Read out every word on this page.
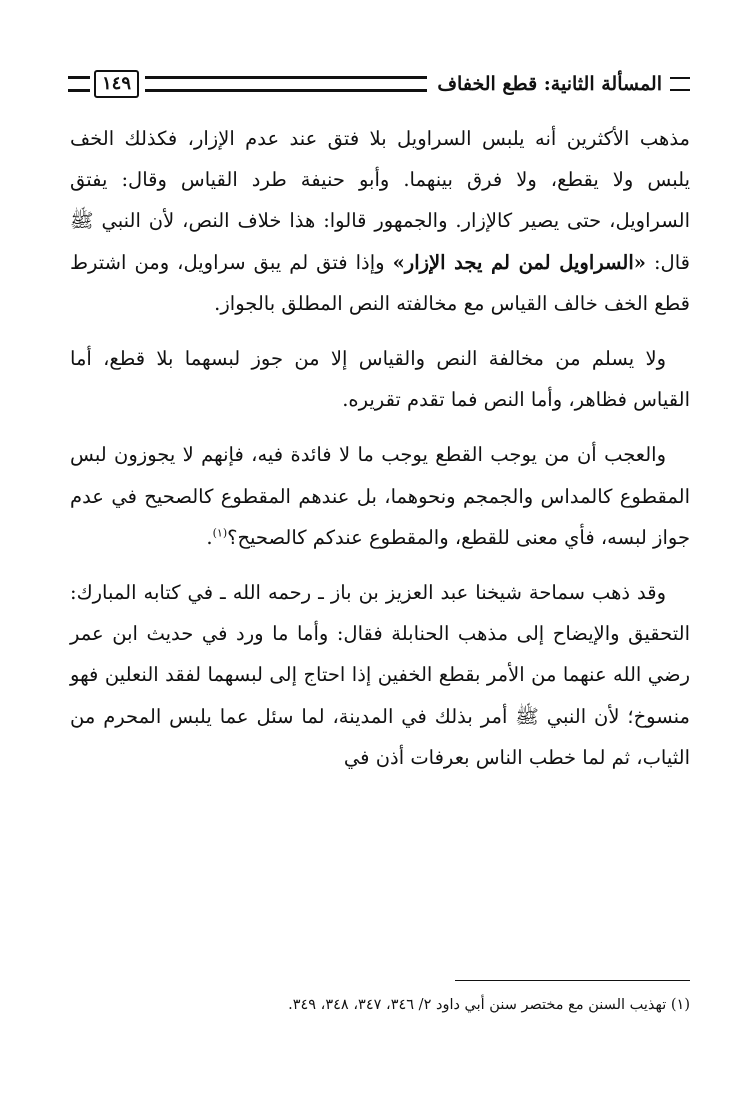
المسألة الثانية: قطع الخفاف
١٤٩

مذهب الأكثرين أنه يلبس السراويل بلا فتق عند عدم الإزار، فكذلك الخف يلبس ولا يقطع، ولا فرق بينهما. وأبو حنيفة طرد القياس وقال: يفتق السراويل، حتى يصير كالإزار. والجمهور قالوا: هذا خلاف النص، لأن النبي ﷺ قال: «السراويل لمن لم يجد الإزار» وإذا فتق لم يبق سراويل، ومن اشترط قطع الخف خالف القياس مع مخالفته النص المطلق بالجواز.

ولا يسلم من مخالفة النص والقياس إلا من جوز لبسهما بلا قطع، أما القياس فظاهر، وأما النص فما تقدم تقريره.

والعجب أن من يوجب القطع يوجب ما لا فائدة فيه، فإنهم لا يجوزون لبس المقطوع كالمداس والجمجم ونحوهما، بل عندهم المقطوع كالصحيح في عدم جواز لبسه، فأي معنى للقطع، والمقطوع عندكم كالصحيح؟$^{(١)}$.

وقد ذهب سماحة شيخنا عبد العزيز بن باز ـ رحمه الله ـ في كتابه المبارك: التحقيق والإيضاح إلى مذهب الحنابلة فقال: وأما ما ورد في حديث ابن عمر رضي الله عنهما من الأمر بقطع الخفين إذا احتاج إلى لبسهما لفقد النعلين فهو منسوخ؛ لأن النبي ﷺ أمر بذلك في المدينة، لما سئل عما يلبس المحرم من الثياب، ثم لما خطب الناس بعرفات أذن في

(١) تهذيب السنن مع مختصر سنن أبي داود ٢/ ٣٤٦، ٣٤٧، ٣٤٨، ٣٤٩.
